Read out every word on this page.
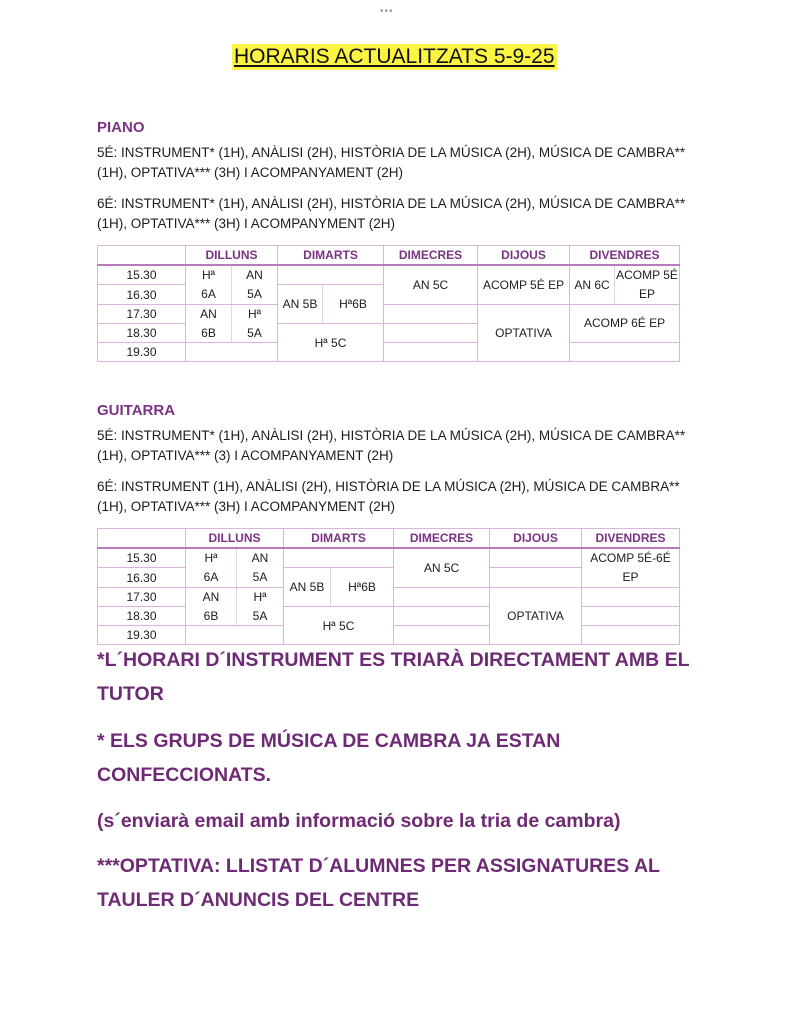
•••
HORARIS ACTUALITZATS 5-9-25
PIANO
5É: INSTRUMENT* (1H), ANÀLISI (2H), HISTÒRIA DE LA MÚSICA (2H), MÚSICA DE CAMBRA** (1H), OPTATIVA*** (3H) I ACOMPANYAMENT (2H)
6É: INSTRUMENT* (1H), ANÀLISI (2H), HISTÒRIA DE LA MÚSICA (2H), MÚSICA DE CAMBRA** (1H), OPTATIVA*** (3H) I ACOMPANYMENT (2H)
	DILLUNS		DIMARTS		DIMECRES	DIJOUS	DIVENDRES	
15.30	Hª	AN			AN 5C	ACOMP 5É EP	AN 6C	ACOMP 5É EP
16.30	6A	5A	AN 5B	Hª6B				
17.30	AN	Hª				OPTATIVA	ACOMP 6É EP	
18.30	6B	5A	Hª 5C					
19.30								
GUITARRA
5É: INSTRUMENT* (1H), ANÀLISI (2H), HISTÒRIA DE LA MÚSICA (2H), MÚSICA DE CAMBRA** (1H), OPTATIVA*** (3) I ACOMPANYAMENT (2H)
6É: INSTRUMENT (1H), ANÀLISI (2H), HISTÒRIA DE LA MÚSICA (2H), MÚSICA DE CAMBRA** (1H), OPTATIVA*** (3H) I ACOMPANYMENT (2H)
	DILLUNS		DIMARTS		DIMECRES	DIJOUS	DIVENDRES
15.30	Hª	AN			AN 5C		ACOMP 5É-6É EP
16.30	6A	5A	AN 5B	Hª6B			
17.30	AN	Hª				OPTATIVA	
18.30	6B	5A	Hª 5C				
19.30							
*L´HORARI D´INSTRUMENT ES TRIARÀ DIRECTAMENT AMB EL TUTOR
* ELS GRUPS DE MÚSICA DE CAMBRA JA ESTAN CONFECCIONATS.
(s´enviarà email amb informació sobre la tria de cambra)
***OPTATIVA: LLISTAT D´ALUMNES PER ASSIGNATURES AL TAULER D´ANUNCIS DEL CENTRE
